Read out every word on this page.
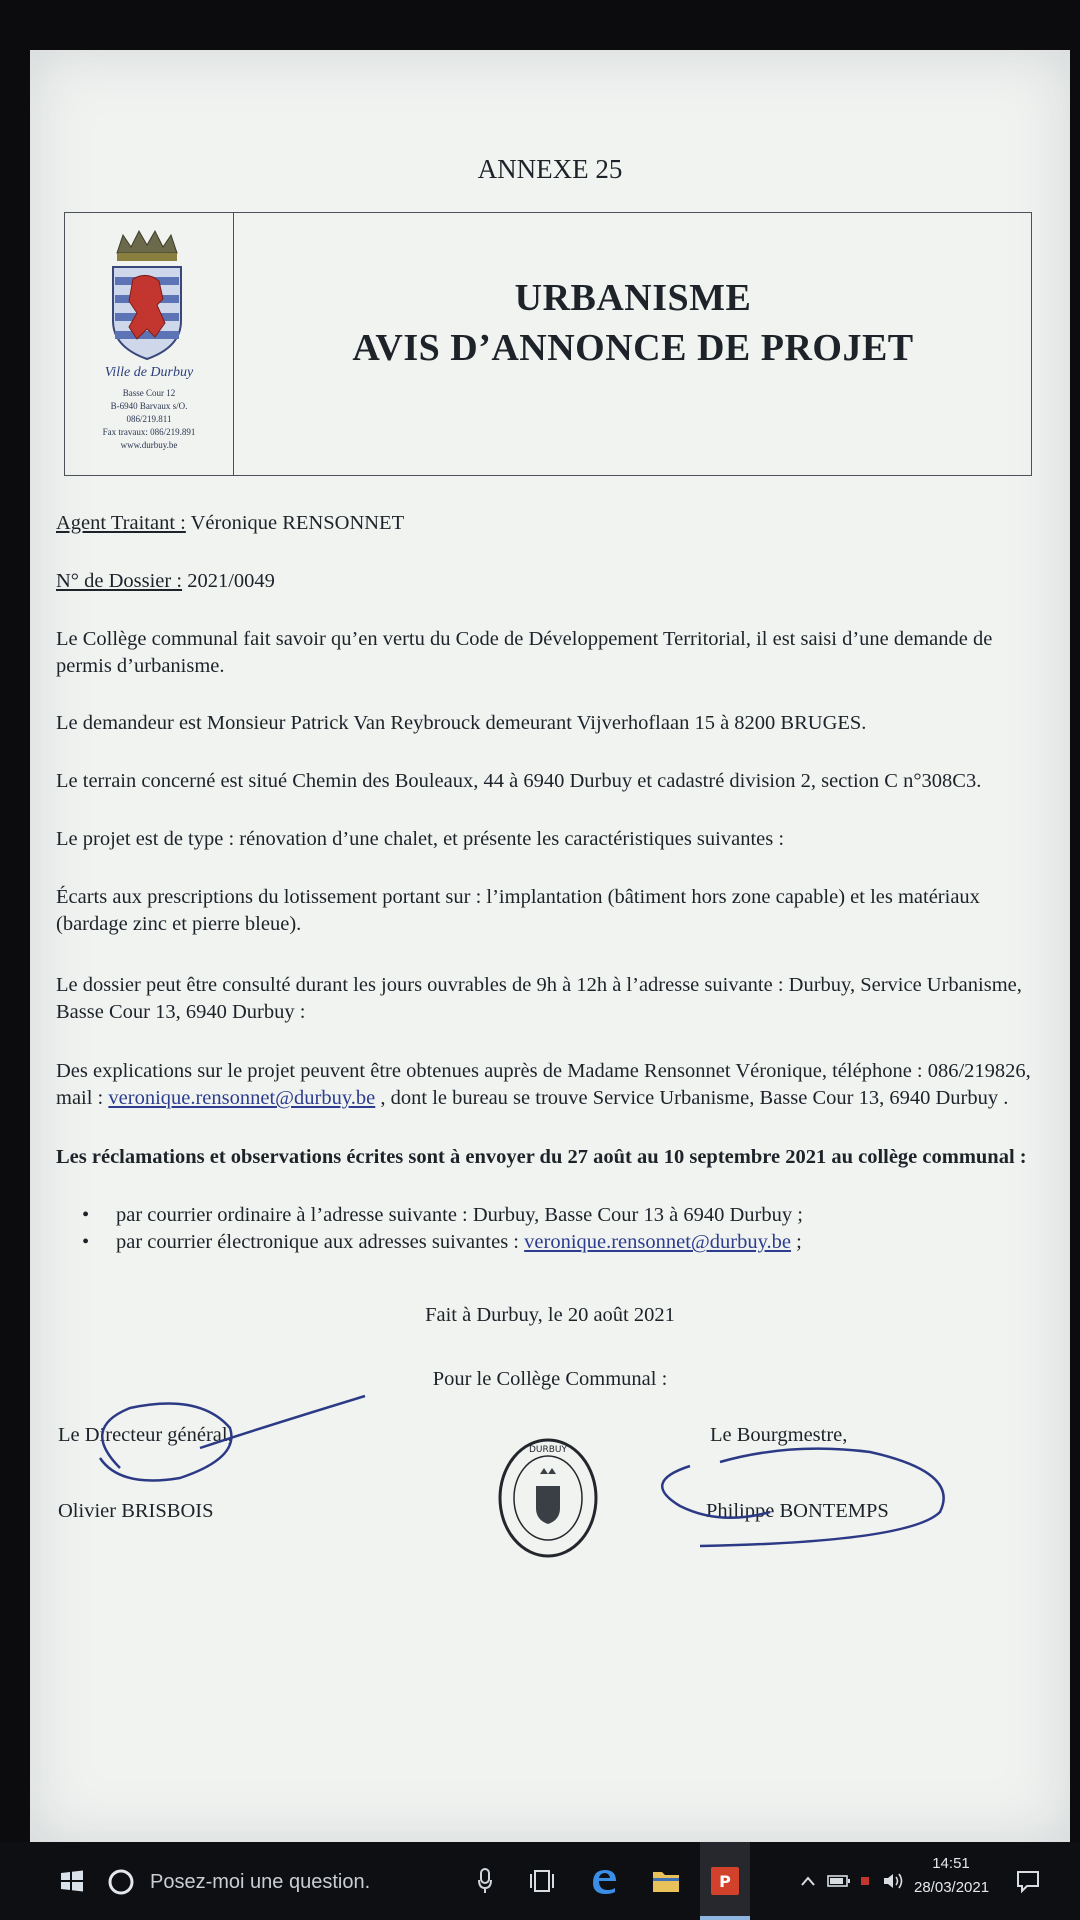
ANNEXE 25
Ville de Durbuy
Basse Cour 12
B-6940 Barvaux s/O.
086/219.811
Fax travaux: 086/219.891
www.durbuy.be
URBANISME
AVIS D’ANNONCE DE PROJET
Agent Traitant : Véronique RENSONNET
N° de Dossier : 2021/0049
Le Collège communal fait savoir qu’en vertu du Code de Développement Territorial, il est saisi d’une demande de permis d’urbanisme.
Le demandeur est Monsieur Patrick Van Reybrouck demeurant Vijverhoflaan 15 à 8200 BRUGES.
Le terrain concerné est situé Chemin des Bouleaux, 44 à 6940 Durbuy et cadastré division 2, section C n°308C3.
Le projet est de type : rénovation d’une chalet, et présente les caractéristiques suivantes :
Écarts aux prescriptions du lotissement portant sur : l’implantation (bâtiment hors zone capable) et les matériaux (bardage zinc et pierre bleue).
Le dossier peut être consulté durant les jours ouvrables de 9h à 12h à l’adresse suivante : Durbuy, Service Urbanisme, Basse Cour 13, 6940 Durbuy :
Des explications sur le projet peuvent être obtenues auprès de Madame Rensonnet Véronique, téléphone : 086/219826, mail : veronique.rensonnet@durbuy.be , dont le bureau se trouve Service Urbanisme, Basse Cour 13, 6940 Durbuy .
Les réclamations et observations écrites sont à envoyer du 27 août au 10 septembre 2021 au collège communal :
• par courrier ordinaire à l’adresse suivante : Durbuy, Basse Cour 13 à 6940 Durbuy ;
• par courrier électronique aux adresses suivantes : veronique.rensonnet@durbuy.be ;
Fait à Durbuy, le 20 août 2021
Pour le Collège Communal :
Le Directeur général,
Olivier BRISBOIS
Le Bourgmestre,
Philippe BONTEMPS
DURBUY
Posez-moi une question.	P
14:51
28/03/2021
